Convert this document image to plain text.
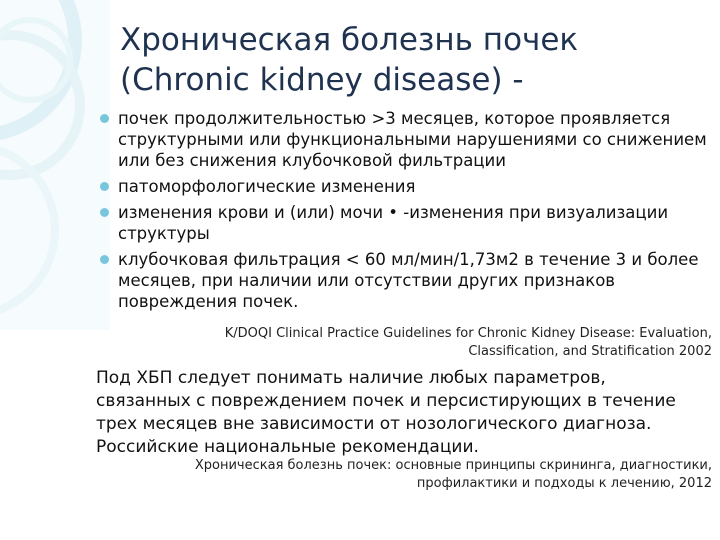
Хроническая болезнь почек
(Chronic kidney disease) -
почек продолжительностью >3 месяцев, которое проявляется структурными или функциональными нарушениями со снижением или без снижения клубочковой фильтрации
патоморфологические изменения
изменения крови и (или) мочи • -изменения при визуализации структуры
клубочковая фильтрация < 60 мл/мин/1,73м2 в течение 3 и более месяцев, при наличии или отсутствии других признаков повреждения почек.
K/DOQI Clinical Practice Guidelines for Chronic Kidney Disease: Evaluation,
Classification, and Stratification 2002
Под ХБП следует понимать наличие любых параметров,
связанных с повреждением почек и персистирующих в течение
трех месяцев вне зависимости от нозологического диагноза.
Российские национальные рекомендации.
Хроническая болезнь почек: основные принципы скрининга, диагностики,
профилактики и подходы к лечению, 2012
